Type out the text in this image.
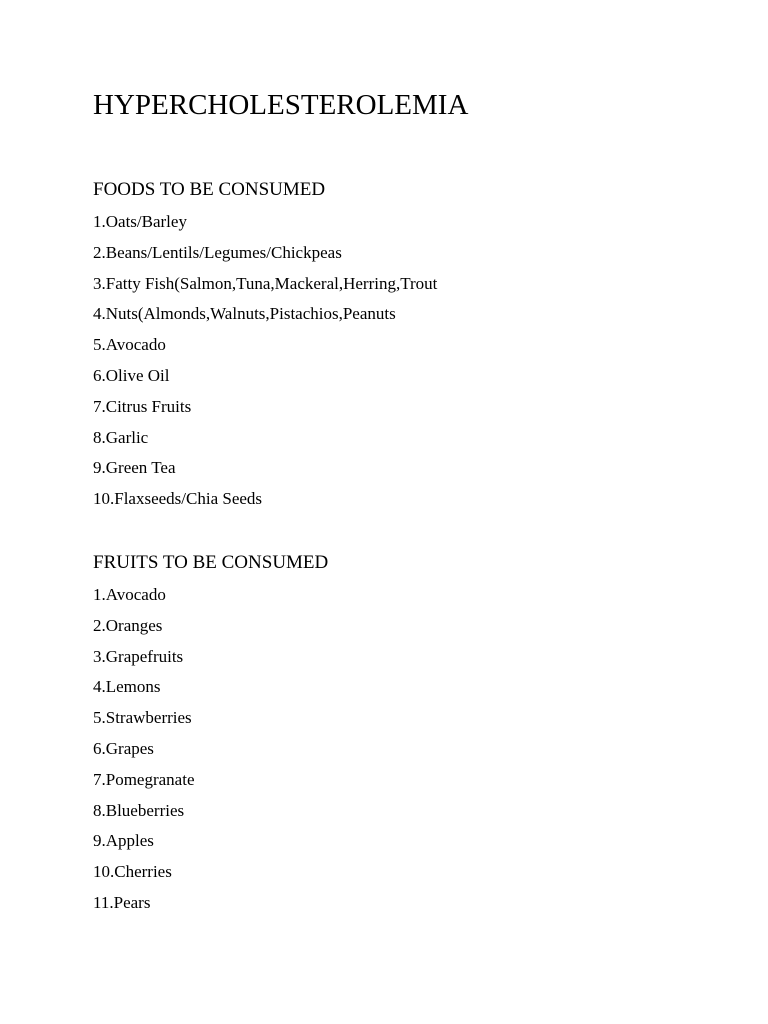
HYPERCHOLESTEROLEMIA
FOODS TO BE CONSUMED
1.Oats/Barley
2.Beans/Lentils/Legumes/Chickpeas
3.Fatty Fish(Salmon,Tuna,Mackeral,Herring,Trout
4.Nuts(Almonds,Walnuts,Pistachios,Peanuts
5.Avocado
6.Olive Oil
7.Citrus Fruits
8.Garlic
9.Green Tea
10.Flaxseeds/Chia Seeds
FRUITS TO BE CONSUMED
1.Avocado
2.Oranges
3.Grapefruits
4.Lemons
5.Strawberries
6.Grapes
7.Pomegranate
8.Blueberries
9.Apples
10.Cherries
11.Pears
